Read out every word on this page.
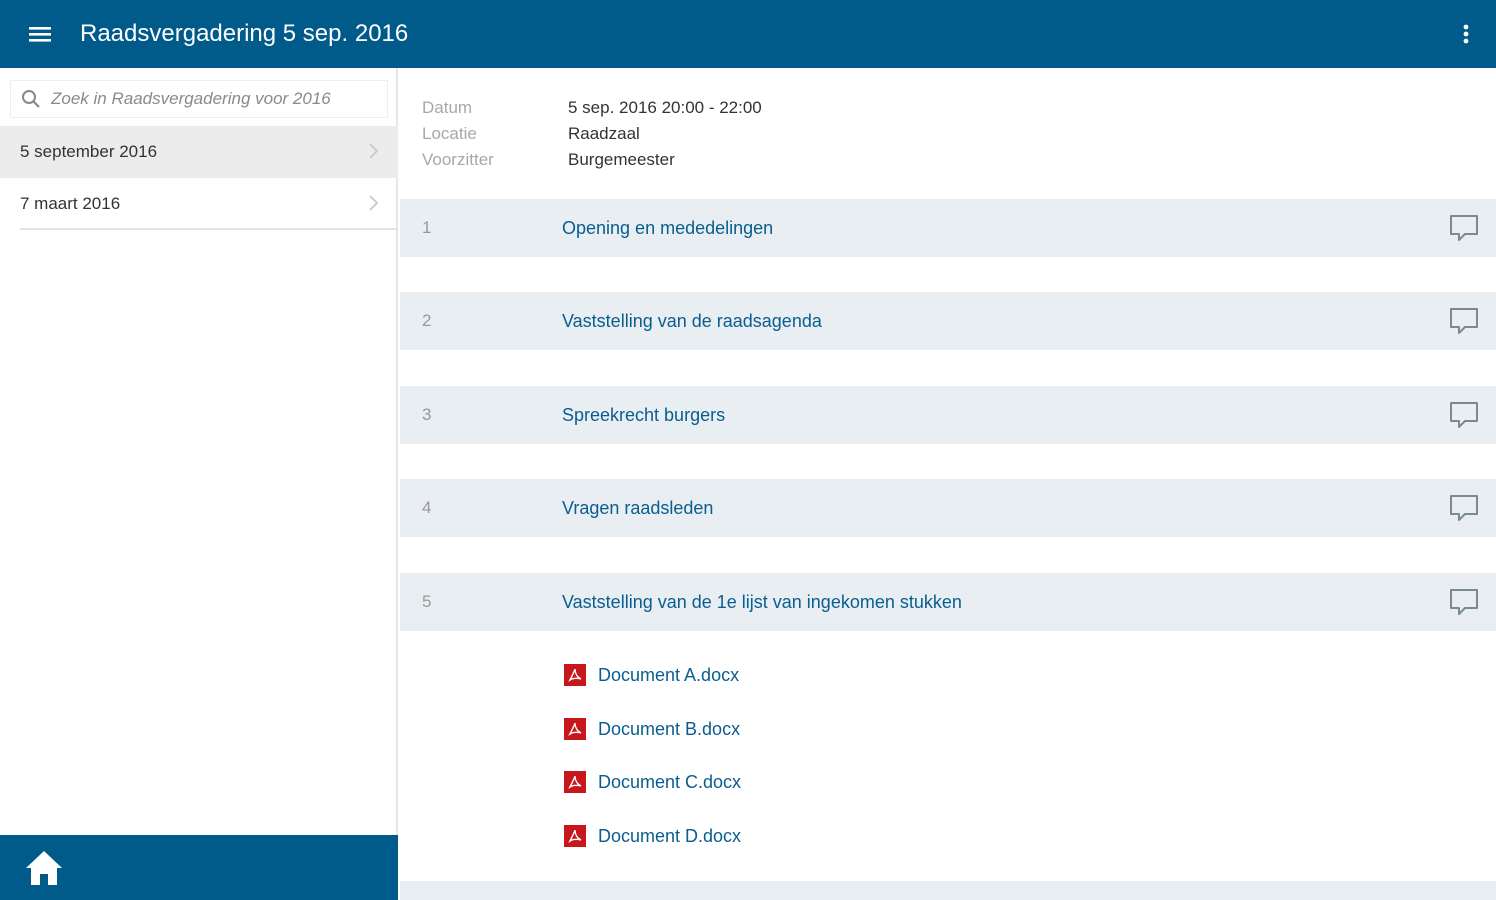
Raadsvergadering 5 sep. 2016
Zoek in Raadsvergadering voor 2016
5 september 2016
7 maart 2016
Datum	5 sep. 2016 20:00 - 22:00
Locatie	Raadzaal
Voorzitter	Burgemeester
1	Opening en mededelingen
2	Vaststelling van de raadsagenda
3	Spreekrecht burgers
4	Vragen raadsleden
5	Vaststelling van de 1e lijst van ingekomen stukken
Document A.docx
Document B.docx
Document C.docx
Document D.docx
